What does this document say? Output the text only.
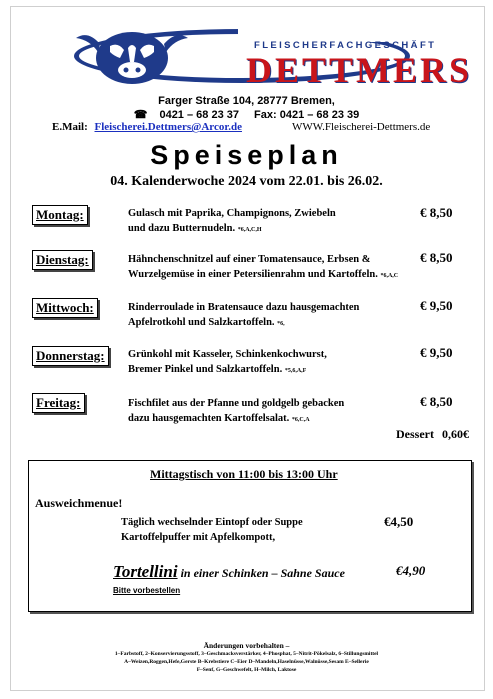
FLEISCHERFACHGESCHÄFT
DETTMERS
Farger Straße 104, 28777 Bremen,
☎ 0421 – 68 23 37 Fax: 0421 – 68 23 39
E.Mail: Fleischerei.Dettmers@Arcor.de	WWW.Fleischerei-Dettmers.de
Speiseplan
04. Kalenderwoche 2024 vom 22.01. bis 26.02.
Montag:	Gulasch mit Paprika, Champignons, Zwiebeln
und dazu Butternudeln. *6,A,C,H
€ 8,50
Dienstag:	Hähnchenschnitzel auf einer Tomatensauce, Erbsen &
Wurzelgemüse in einer Petersilienrahm und Kartoffeln. *6,A,C
€ 8,50
Mittwoch:	Rinderroulade in Bratensauce dazu hausgemachten
Apfelrotkohl und Salzkartoffeln. *6,
€ 9,50
Donnerstag:	Grünkohl mit Kasseler, Schinkenkochwurst,
Bremer Pinkel und Salzkartoffeln. *5,6,A,F
€ 9,50
Freitag:	Fischfilet aus der Pfanne und goldgelb gebacken
dazu hausgemachten Kartoffelsalat. *6,C,A
€ 8,50
Dessert 0,60€
Mittagstisch von 11:00 bis 13:00 Uhr
Ausweichmenue!
Täglich wechselnder Eintopf oder Suppe
Kartoffelpuffer mit Apfelkompott,
€4,50
Tortellini in einer Schinken – Sahne Sauce	€4,90
Bitte vorbestellen
Änderungen vorbehalten –
1–Farbstoff, 2–Konservierungsstoff, 3–Geschmacksverstärker, 4–Phosphat, 5–Nitrit-Pökelsalz, 6–Stillungsmittel
A–Weizen,Roggen,Hefe,Gerste B–Krebstiere C–Eier D–Mandeln,Haselnüsse,Walnüsse,Sesam E–Sellerie
F–Senf, G–Geschwefelt, H–Milch, Laktose
